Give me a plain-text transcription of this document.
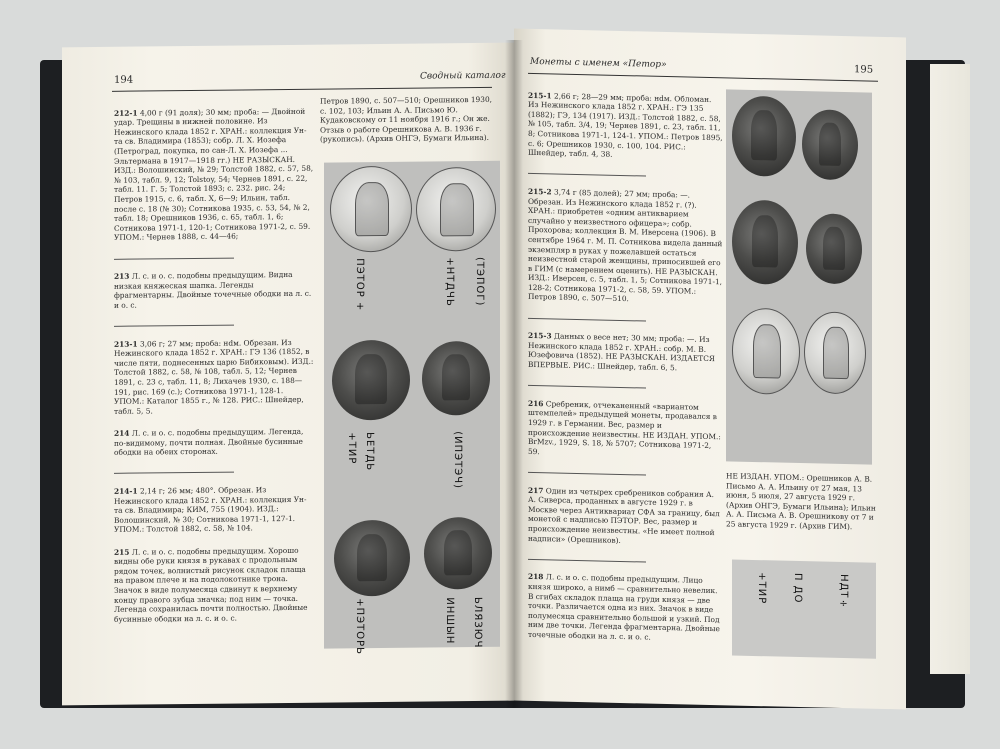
194	Сводный каталог

212-1 4,00 г (91 доля); 30 мм; проба: — Двойной удар. Трещины в нижней половине. Из Нежинского клада 1852 г. ХРАН.: коллекция Ун-та св. Владимира (1853); собр. Л. Х. Иозефа (Петроград, покупка, по сан-Л. Х. Иозефа ... Эльтермана в 1917—1918 гг.) НЕ РАЗЫСКАН. ИЗД.: Волошинский, № 29; Толстой 1882, с. 57, 58, № 103, табл. 9, 12; Tolstoy, 54; Чернев 1891, с. 22, табл. 11. Г. 5; Толстой 1893; с. 232. рис. 24; Петров 1915, с. 6, табл. Х, 6—9; Ильин, табл. после с. 18 (№ 30); Сотникова 1935, с. 53, 54, № 2, табл. 18; Орешников 1936, с. 65, табл. 1, 6; Сотникова 1971-1, 120-1; Сотникова 1971-2, с. 59. УПОМ.: Чернев 1888, с. 44—46;

213 Л. с. и о. с. подобны предыдущим. Видна низкая княжеская шапка. Легенды фрагментарны. Двойные точечные ободки на л. с. и о. с.

213-1 3,06 г; 27 мм; проба: нdм. Обрезан. Из Нежинского клада 1852 г. ХРАН.: ГЭ 136 (1852, в числе пяти, поднесенных царю Бибиковым). ИЗД.: Толстой 1882, с. 58, № 108, табл. 5, 12; Чернев 1891, с. 23 с, табл. 11, 8; Лихачев 1930, с. 188—191, рис. 169 (с.); Сотникова 1971-1, 128-1. УПОМ.: Каталог 1855 г., № 128. РИС.: Шнейдер, табл. 5, 5.

214 Л. с. и о. с. подобны предыдущим. Легенда, по-видимому, почти полная. Двойные бусинные ободки на обеих сторонах.

214-1 2,14 г; 26 мм; 480°. Обрезан. Из Нежинского клада 1852 г. ХРАН.: коллекция Ун-та св. Владимира; КИМ, 755 (1904). ИЗД.: Волошинский, № 30; Сотникова 1971-1, 127-1. УПОМ.: Толстой 1882, с. 58, № 104.

215 Л. с. и о. с. подобны предыдущим. Хорошо видны обе руки князя в рукавах с продольным рядом точек, волнистый рисунок складок плаща на правом плече и на подолокотнике трона. Значок в виде полумесяца сдвинут к верхнему концу правого зубца значка; под ним — точка. Легенда сохранилась почти полностью. Двойные бусинные ободки на л. с. и о. с.

Петров 1890, с. 507—510; Орешников 1930, с. 102, 103; Ильин А. А. Письмо Ю. Кудаковскому от 11 ноября 1916 г.; Он же. Отзыв о работе Орешникова А. В. 1936 г. (рукопись). (Архив ОНГЭ, Бумаги Ильина).
ПЭТОР +	+НТДЧЬ (ТЭПОГ)
+ТИР ЬЕТДЬ	(ИПЭТЭЧ)
+ПЭТОРЬ	ИНШЫН ЬЛЯЗЮЧ
Монеты с именем «Петор»	195

215-1 2,66 г; 28—29 мм; проба: нdм. Обломан. Из Нежинского клада 1852 г. ХРАН.: ГЭ 135 (1882); ГЭ, 134 (1917). ИЗД.: Толстой 1882, с. 58, № 105, табл. 3/4, 19; Чернев 1891, с. 23, табл. 11, 8; Сотникова 1971-1, 124-1. УПОМ.: Петров 1895, с. 6; Орешников 1930, с. 100, 104. РИС.: Шнейдер, табл. 4, 38.

215-2 3,74 г (85 долей); 27 мм; проба: —. Обрезан. Из Нежинского клада 1852 г. (?). ХРАН.: приобретен «одним антикварием случайно у неизвестного офицера»; собр. Прохорова; коллекция В. М. Иверсена (1906). В сентябре 1964 г. М. П. Сотникова видела данный экземпляр в руках у пожелавшей остаться неизвестной старой женщины, приносившей его в ГИМ (с намерением оценить). НЕ РАЗЫСКАН. ИЗД.: Иверсен, с. 5, табл. 1, 5; Сотникова 1971-1, 128-2; Сотникова 1971-2, с. 58, 59. УПОМ.: Петров 1890, с. 507—510.

215-3 Данных о весе нет; 30 мм; проба: —. Из Нежинского клада 1852 г. ХРАН.: собр. М. В. Юзефовича (1852). НЕ РАЗЫСКАН. ИЗДАЕТСЯ ВПЕРВЫЕ. РИС.: Шнейдер, табл. 6, 5.

216 Сребреник, отчеканенный «вариантом штемпелей» предыдущей монеты, продавался в 1929 г. в Германии. Вес, размер и происхождение неизвестны. НЕ ИЗДАН. УПОМ.: BrMzv., 1929, S. 18, № 5707; Сотникова 1971-2, 59.

217 Один из четырех сребреников собрания А. А. Сиверса, проданных в августе 1929 г. в Москве через Антиквариат СФА за границу, был монетой с надписью ПЭТОР. Вес, размер и происхождение неизвестны. «Не имеет полной надписи» (Орешников).

218 Л. с. и о. с. подобны предыдущим. Лицо князя широко, а нимб — сравнительно невелик. В сгибах складок плаща на груди князя — две точки. Различается одна из них. Значок в виде полумесяца сравнительно большой и узкий. Под ним две точки. Легенда фрагментарна. Двойные точечные ободки на л. с. и о. с.

НЕ ИЗДАН. УПОМ.: Орешников А. В. Письмо А. А. Ильину от 27 мая, 13 июня, 5 июля, 27 августа 1929 г. (Архив ОНГЭ, Бумаги Ильина); Ильин А. А. Письма А. В. Орешникову от 7 и 25 августа 1929 г. (Архив ГИМ).
+ТИР	П ДО	НДТ÷
